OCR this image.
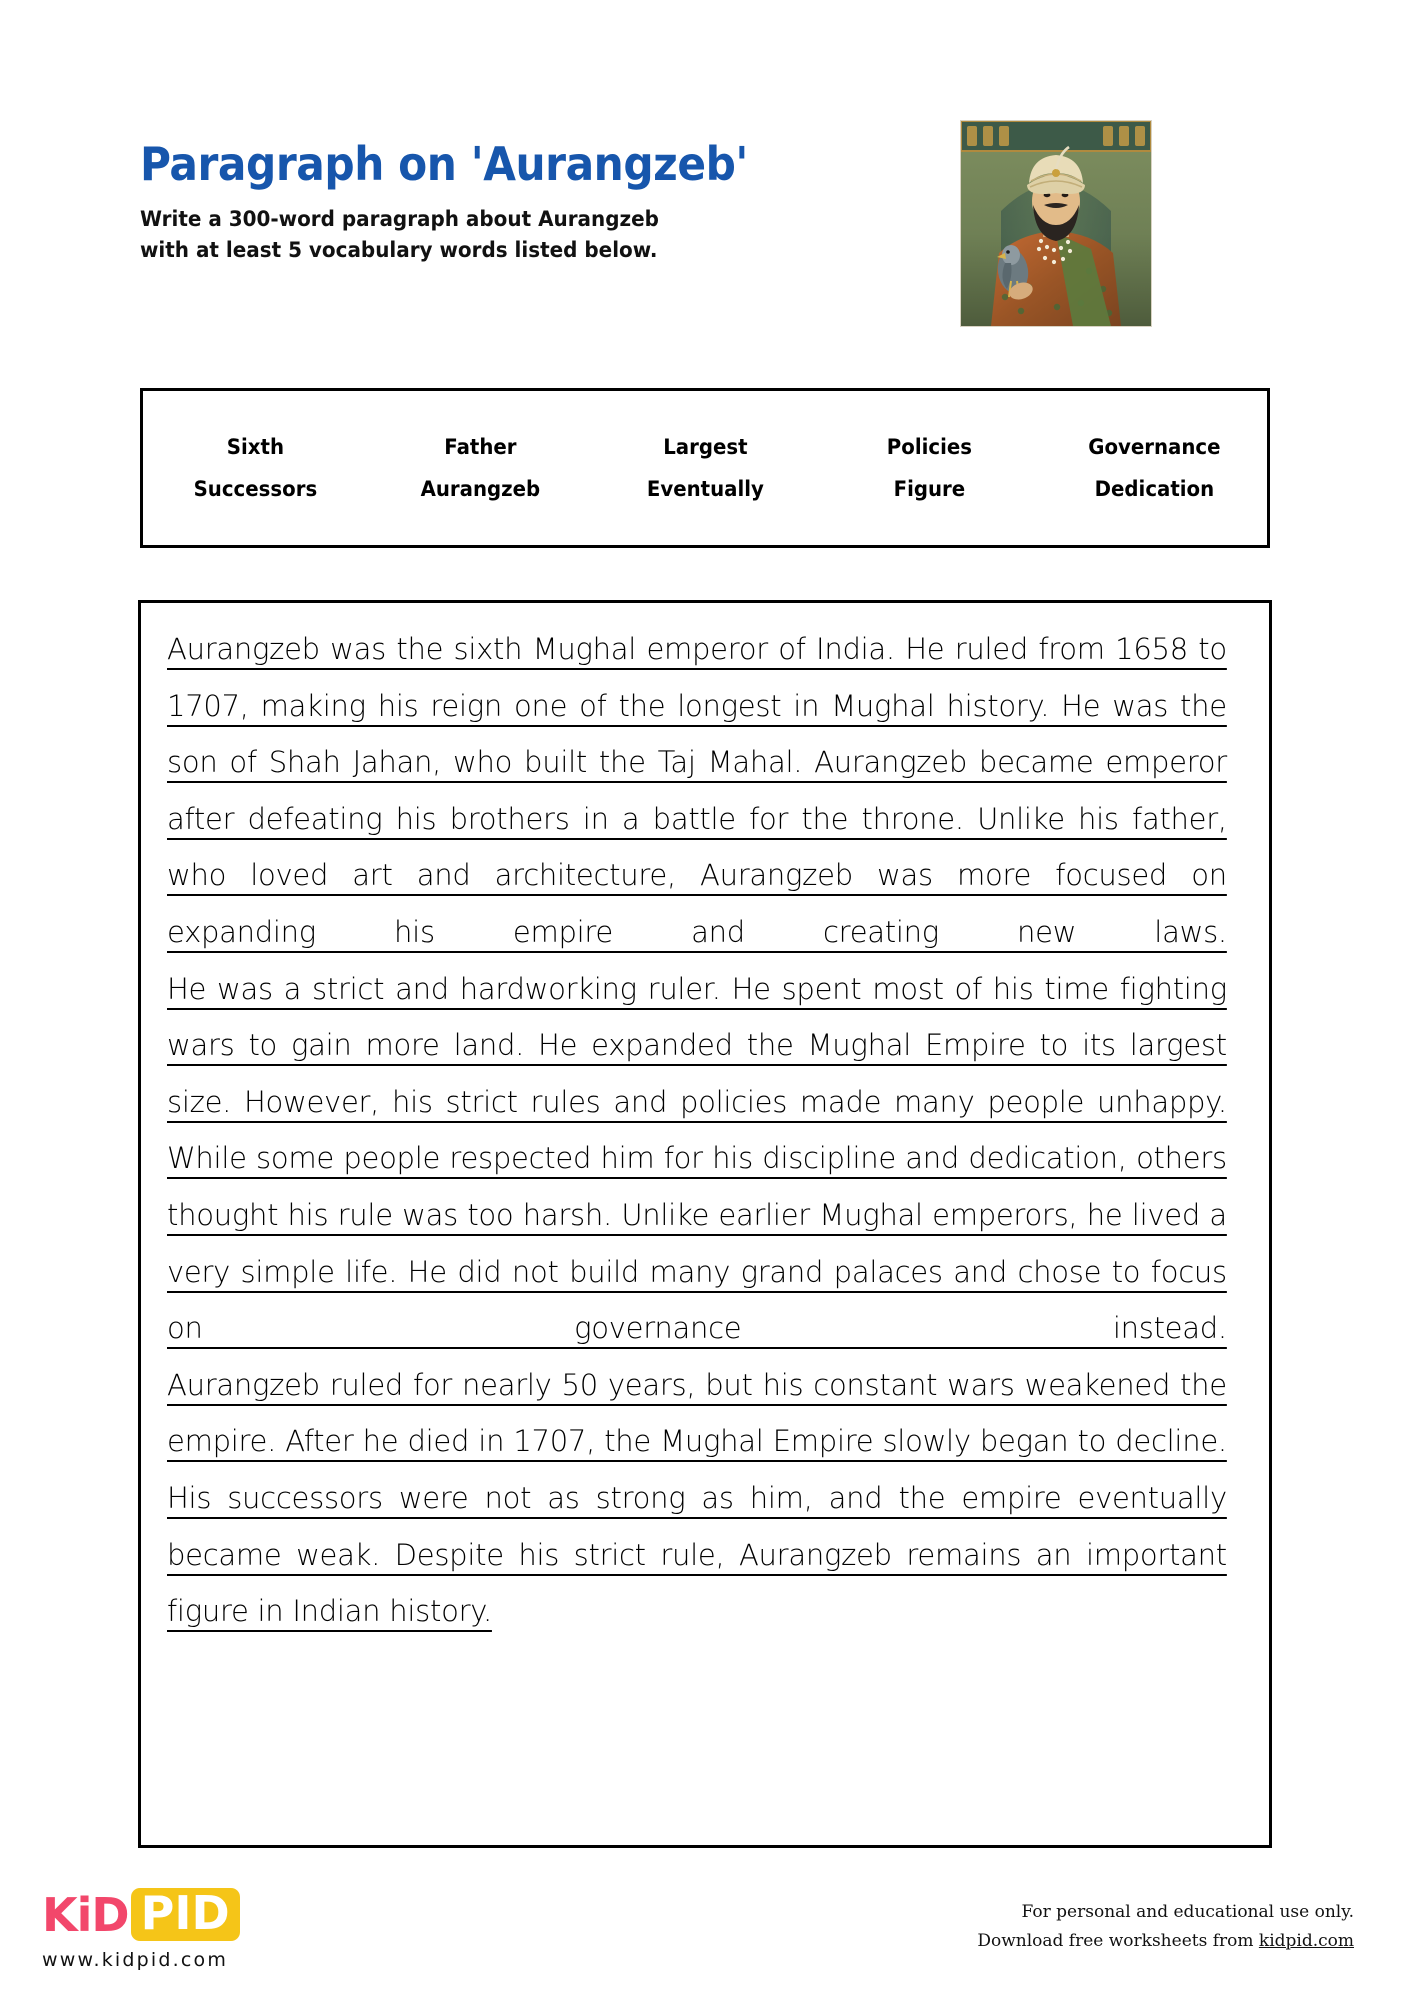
Paragraph on 'Aurangzeb'

Write a 300-word paragraph about Aurangzeb
with at least 5 vocabulary words listed below.

Sixth	Father	Largest	Policies	Governance
Successors	Aurangzeb	Eventually	Figure	Dedication

Aurangzeb was the sixth Mughal emperor of India. He ruled from 1658 to 1707, making his reign one of the longest in Mughal history. He was the son of Shah Jahan, who built the Taj Mahal. Aurangzeb became emperor after defeating his brothers in a battle for the throne. Unlike his father, who loved art and architecture, Aurangzeb was more focused on expanding his empire and creating new laws.

He was a strict and hardworking ruler. He spent most of his time fighting wars to gain more land. He expanded the Mughal Empire to its largest size. However, his strict rules and policies made many people unhappy. While some people respected him for his discipline and dedication, others thought his rule was too harsh. Unlike earlier Mughal emperors, he lived a very simple life. He did not build many grand palaces and chose to focus on governance instead.

Aurangzeb ruled for nearly 50 years, but his constant wars weakened the empire. After he died in 1707, the Mughal Empire slowly began to decline. His successors were not as strong as him, and the empire eventually became weak. Despite his strict rule, Aurangzeb remains an important figure in Indian history.

KiD PID
www.kidpid.com
For personal and educational use only.
Download free worksheets from kidpid.com
